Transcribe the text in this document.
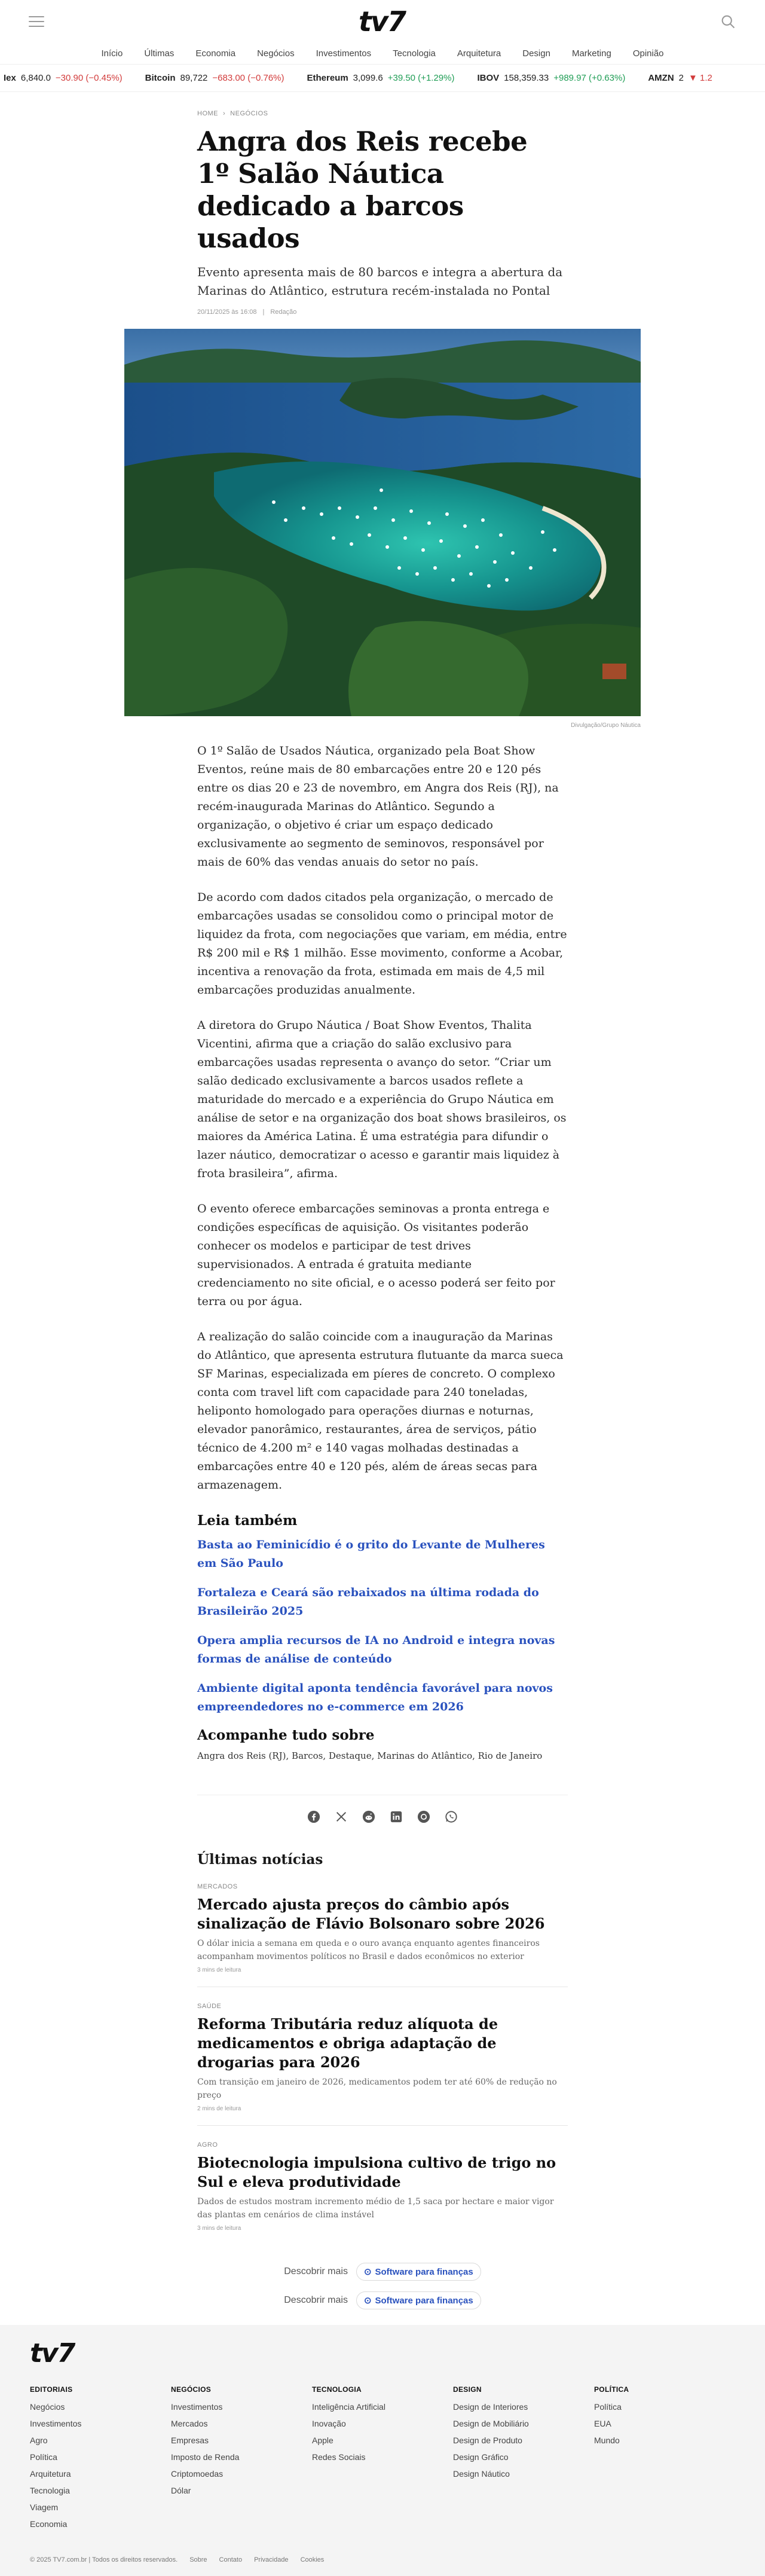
tv7
Início Últimas Economia Negócios Investimentos Tecnologia Arquitetura Design Marketing Opinião
Iex 6,840.0 −30.90 (−0.45%)	Bitcoin 89,722 −683.00 (−0.76%)	Ethereum 3,099.6 +39.50 (+1.29%)	IBOV 158,359.33 +989.97 (+0.63%)	AMZN 2 ▼ 1.2
HOME › NEGÓCIOS
Angra dos Reis recebe 1º Salão Náutica dedicado a barcos usados

Evento apresenta mais de 80 barcos e integra a abertura da Marinas do Atlântico, estrutura recém-instalada no Pontal

20/11/2025 às 16:08 | Redação
Divulgação/Grupo Náutica

O 1º Salão de Usados Náutica, organizado pela Boat Show Eventos, reúne mais de 80 embarcações entre 20 e 120 pés entre os dias 20 e 23 de novembro, em Angra dos Reis (RJ), na recém-inaugurada Marinas do Atlântico. Segundo a organização, o objetivo é criar um espaço dedicado exclusivamente ao segmento de seminovos, responsável por mais de 60% das vendas anuais do setor no país.

De acordo com dados citados pela organização, o mercado de embarcações usadas se consolidou como o principal motor de liquidez da frota, com negociações que variam, em média, entre R$ 200 mil e R$ 1 milhão. Esse movimento, conforme a Acobar, incentiva a renovação da frota, estimada em mais de 4,5 mil embarcações produzidas anualmente.

A diretora do Grupo Náutica / Boat Show Eventos, Thalita Vicentini, afirma que a criação do salão exclusivo para embarcações usadas representa o avanço do setor. “Criar um salão dedicado exclusivamente a barcos usados reflete a maturidade do mercado e a experiência do Grupo Náutica em análise de setor e na organização dos boat shows brasileiros, os maiores da América Latina. É uma estratégia para difundir o lazer náutico, democratizar o acesso e garantir mais liquidez à frota brasileira”, afirma.

O evento oferece embarcações seminovas a pronta entrega e condições específicas de aquisição. Os visitantes poderão conhecer os modelos e participar de test drives supervisionados. A entrada é gratuita mediante credenciamento no site oficial, e o acesso poderá ser feito por terra ou por água.

A realização do salão coincide com a inauguração da Marinas do Atlântico, que apresenta estrutura flutuante da marca sueca SF Marinas, especializada em píeres de concreto. O complexo conta com travel lift com capacidade para 240 toneladas, heliponto homologado para operações diurnas e noturnas, elevador panorâmico, restaurantes, área de serviços, pátio técnico de 4.200 m² e 140 vagas molhadas destinadas a embarcações entre 40 e 120 pés, além de áreas secas para armazenagem.

Leia também
Basta ao Feminicídio é o grito do Levante de Mulheres em São Paulo
Fortaleza e Ceará são rebaixados na última rodada do Brasileirão 2025
Opera amplia recursos de IA no Android e integra novas formas de análise de conteúdo
Ambiente digital aponta tendência favorável para novos empreendedores no e-commerce em 2026
Acompanhe tudo sobre
Angra dos Reis (RJ), Barcos, Destaque, Marinas do Atlântico, Rio de Janeiro
Últimas notícias
MERCADOS
Mercado ajusta preços do câmbio após sinalização de Flávio Bolsonaro sobre 2026
O dólar inicia a semana em queda e o ouro avança enquanto agentes financeiros acompanham movimentos políticos no Brasil e dados econômicos no exterior
3 mins de leitura
SAÚDE
Reforma Tributária reduz alíquota de medicamentos e obriga adaptação de drogarias para 2026
Com transição em janeiro de 2026, medicamentos podem ter até 60% de redução no preço
2 mins de leitura
AGRO
Biotecnologia impulsiona cultivo de trigo no Sul e eleva produtividade
Dados de estudos mostram incremento médio de 1,5 saca por hectare e maior vigor das plantas em cenários de clima instável
3 mins de leitura
Descobrir mais ⊙ Software para finanças
Descobrir mais ⊙ Software para finanças
tv7
EDITORIAIS
Negócios
Investimentos
Agro
Política
Arquitetura
Tecnologia
Viagem
Economia
NEGÓCIOS
Investimentos
Mercados
Empresas
Imposto de Renda
Criptomoedas
Dólar
TECNOLOGIA
Inteligência Artificial
Inovação
Apple
Redes Sociais
DESIGN
Design de Interiores
Design de Mobiliário
Design de Produto
Design Gráfico
Design Náutico
POLÍTICA
Política
EUA
Mundo
© 2025 TV7.com.br | Todos os direitos reservados. Sobre Contato Privacidade Cookies
